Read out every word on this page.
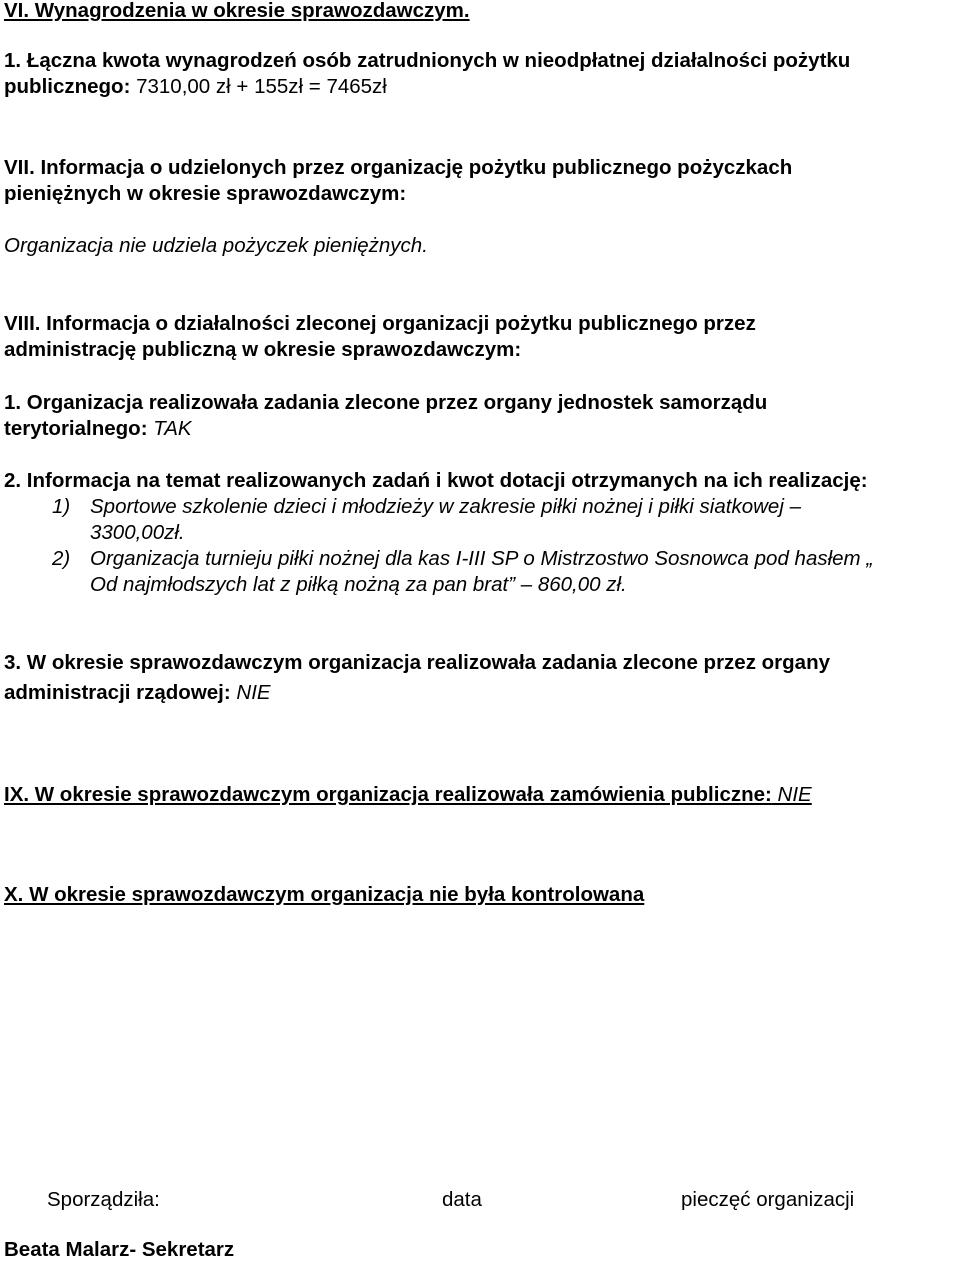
VI. Wynagrodzenia w okresie sprawozdawczym.
1. Łączna kwota wynagrodzeń osób zatrudnionych w nieodpłatnej działalności pożytku
publicznego: 7310,00 zł + 155zł = 7465zł
VII. Informacja o udzielonych przez organizację pożytku publicznego pożyczkach
pieniężnych w okresie sprawozdawczym:
Organizacja nie udziela pożyczek pieniężnych.
VIII. Informacja o działalności zleconej organizacji pożytku publicznego przez
administrację publiczną w okresie sprawozdawczym:
1. Organizacja realizowała zadania zlecone przez organy jednostek samorządu
terytorialnego: TAK
2. Informacja na temat realizowanych zadań i kwot dotacji otrzymanych na ich realizację:
1) Sportowe szkolenie dzieci i młodzieży w zakresie piłki nożnej i piłki siatkowej –
3300,00zł.
2) Organizacja turnieju piłki nożnej dla kas I-III SP o Mistrzostwo Sosnowca pod hasłem „
Od najmłodszych lat z piłką nożną za pan brat” – 860,00 zł.
3. W okresie sprawozdawczym organizacja realizowała zadania zlecone przez organy
administracji rządowej: NIE
IX. W okresie sprawozdawczym organizacja realizowała zamówienia publiczne: NIE
X. W okresie sprawozdawczym organizacja nie była kontrolowana
Sporządziła:	data	pieczęć organizacji
Beata Malarz- Sekretarz
